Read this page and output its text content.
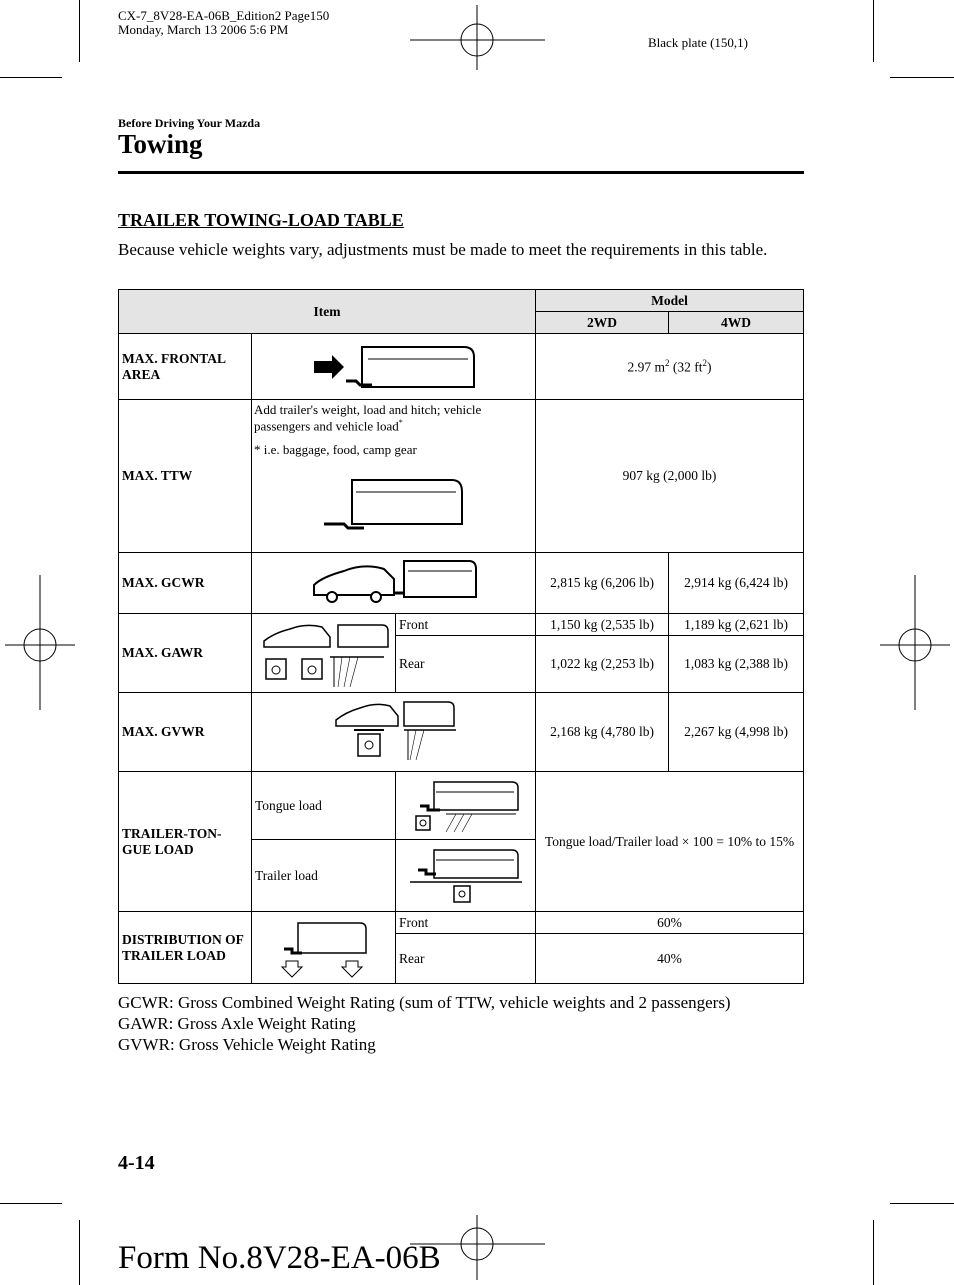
CX-7_8V28-EA-06B_Edition2 Page150
Monday, March 13 2006 5:6 PM
Black plate (150,1)
Before Driving Your Mazda
Towing
TRAILER TOWING-LOAD TABLE
Because vehicle weights vary, adjustments must be made to meet the requirements in this table.
Item			Model	
			2WD	4WD
MAX. FRONTAL AREA			2.97 $m^2$ (32 $ft^2$)	
MAX. TTW	Add trailer's weight, load and hitch; vehicle passengers and vehicle load*
* i.e. baggage, food, camp gear		907 kg (2,000 lb)	
MAX. GCWR			2,815 kg (6,206 lb)	2,914 kg (6,424 lb)
MAX. GAWR		Front	1,150 kg (2,535 lb)	1,189 kg (2,621 lb)
		Rear	1,022 kg (2,253 lb)	1,083 kg (2,388 lb)
MAX. GVWR			2,168 kg (4,780 lb)	2,267 kg (4,998 lb)
TRAILER-TON-GUE LOAD	Tongue load		Tongue load/Trailer load × 100 = 10% to 15%	
	Trailer load	

DISTRIBUTION OF TRAILER LOAD		Front	60%	
		Rear	40%	
GCWR: Gross Combined Weight Rating (sum of TTW, vehicle weights and 2 passengers)
GAWR: Gross Axle Weight Rating
GVWR: Gross Vehicle Weight Rating
4-14
Form No.8V28-EA-06B
